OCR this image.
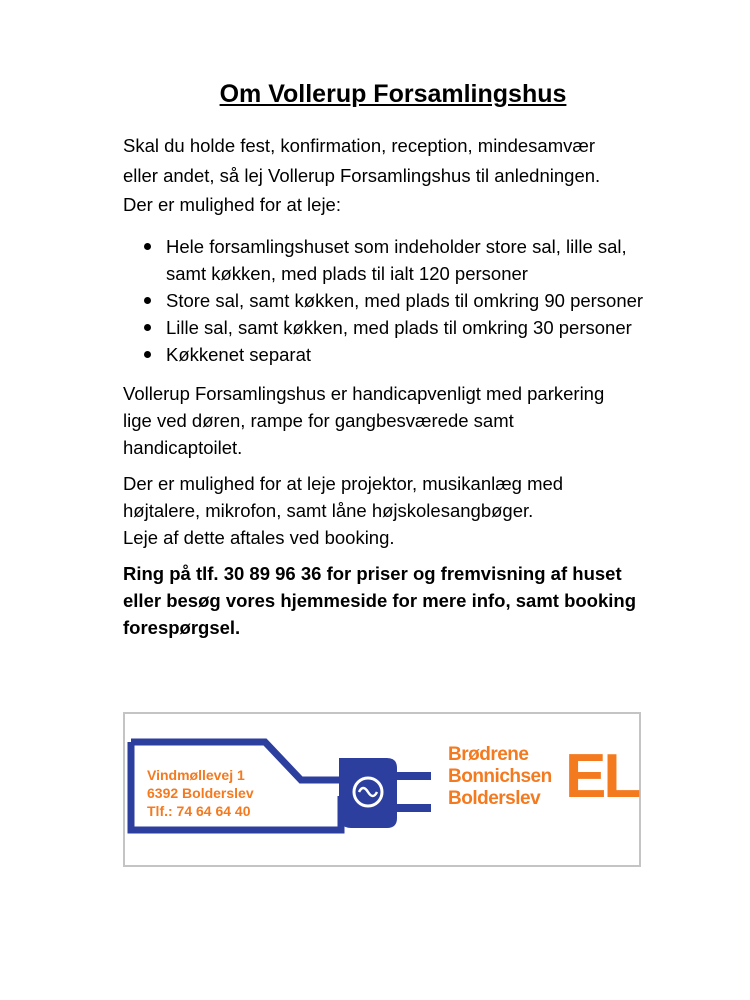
Om Vollerup Forsamlingshus

Skal du holde fest, konfirmation, reception, mindesamvær
eller andet, så lej Vollerup Forsamlingshus til anledningen.
Der er mulighed for at leje:

Hele forsamlingshuset som indeholder store sal, lille sal,
samt køkken, med plads til ialt 120 personer
Store sal, samt køkken, med plads til omkring 90 personer
Lille sal, samt køkken, med plads til omkring 30 personer
Køkkenet separat

Vollerup Forsamlingshus er handicapvenligt med parkering
lige ved døren, rampe for gangbesværede samt
handicaptoilet.

Der er mulighed for at leje projektor, musikanlæg med
højtalere, mikrofon, samt låne højskolesangbøger.
Leje af dette aftales ved booking.

Ring på tlf. 30 89 96 36 for priser og fremvisning af huset
eller besøg vores hjemmeside for mere info, samt booking
forespørgsel.

Vindmøllevej 1
6392 Bolderslev
Tlf.: 74 64 64 40
Brødrene
Bonnichsen
Bolderslev EL
